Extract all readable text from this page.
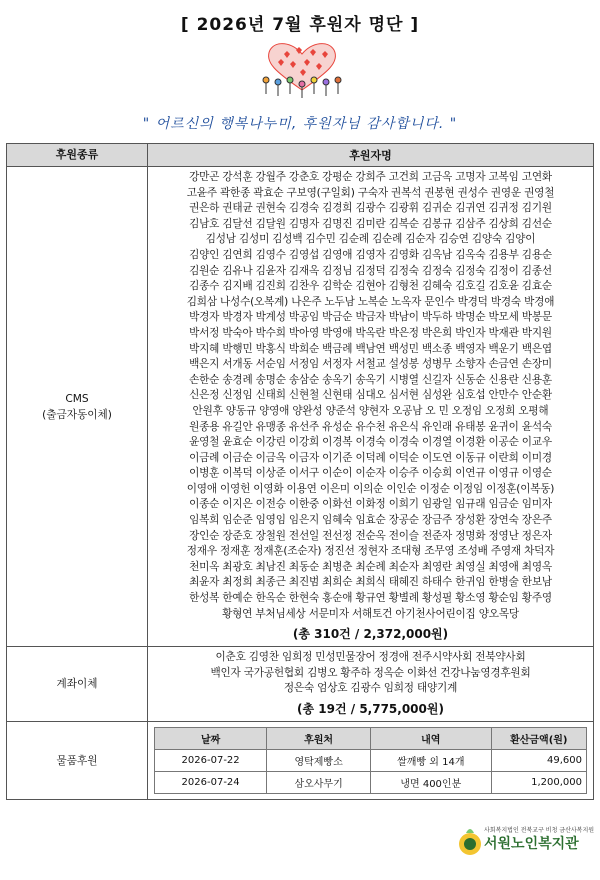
[ 2026년 7월 후원자 명단 ]
" 어르신의 행복나누미, 후원자님 감사합니다. "
후원종류	후원자명
CMS
(출금자동이체)	
강만곤 강석훈 강월주 강춘호 강평순 강희주 고건희 고금옥 고명자 고복임 고연화
고윤주 곽한종 곽효순 구보영(구일회) 구숙자 권복석 권봉현 권성수 권영운 권영철
권은하 권태균 권현숙 김경숙 김경희 김광수 김광휘 김귀순 김귀연 김귀정 김기원
김남호 김달선 김달원 김명자 김명진 김미란 김복순 김봉규 김삼주 김상희 김선순
김성남 김성미 김성백 김수민 김순례 김순례 김순자 김승연 김양숙 김양이
김양인 김연희 김영수 김영섭 김영애 김영자 김영화 김옥남 김옥숙 김용부 김용순
김원순 김유나 김윤자 김재옥 김정님 김정덕 김정숙 김정숙 김정숙 김정이 김종선
김종수 김지배 김진희 김찬우 김학순 김현아 김형천 김혜숙 김호길 김호윤 김효순
김희삼 나성수(오복계) 나은주 노두남 노복순 노옥자 문인수 박경덕 박경숙 박경애
박경자 박경자 박계성 박공임 박금순 박금자 박남이 박두하 박명순 박모세 박봉문
박서정 박숙아 박수희 박아영 박영애 박옥란 박은정 박은희 박인자 박재관 박지원
박지혜 박행민 박홍식 박희순 백금례 백남연 백성민 백소종 백영자 백운기 백은엽
백은지 서개동 서순임 서정임 서정자 서철교 설성봉 성병무 소향자 손금연 손장미
손한순 송경례 송명순 송삼순 송옥기 송옥기 시병열 신길자 신동순 신용란 신용훈
신은정 신정임 신태희 신현철 신현태 심대오 심서현 심성완 심호섭 안만수 안순환
안원후 양동규 양영애 양완성 양준석 양현자 오공남 오 민 오정임 오정희 오평해
원종용 유길안 유맹종 유선주 유성순 유수천 유은식 유인래 유태봉 윤귀이 윤석숙
윤영철 윤효순 이강린 이강희 이경복 이경숙 이경숙 이경열 이경환 이공순 이교우
이금례 이금순 이금옥 이금자 이기준 이덕례 이덕순 이도연 이동규 이란희 이미경
이병훈 이복덕 이상준 이서구 이순이 이순자 이승주 이승희 이연규 이영규 이영순
이영애 이영헌 이영화 이용연 이은미 이의순 이인순 이정순 이정임 이정훈(이복동)
이종순 이지은 이전승 이한중 이화선 이화정 이희기 임광일 임규래 임금순 임미자
임복희 임순준 임영임 임은지 임혜숙 임효순 장공순 장금주 장성환 장연숙 장은주
장인순 장준호 장철원 전선일 전선정 전순옥 전이슬 전준자 정명화 정영난 정은자
정재우 정재훈 정재훈(조순자) 정진선 정현자 조대형 조무영 조성배 주영재 차덕자
천미옥 최광호 최남진 최동순 최병춘 최순례 최순자 최영란 최영실 최영애 최영옥
최윤자 최정희 최종근 최진범 최희순 최희식 태혜진 하태수 한귀임 한병술 한보남
한성복 한예순 한옥순 한현숙 홍순애 황규연 황별례 황성필 황소영 황순임 황주영
황형연 부처님세상 서문미자 서해토건 아기천사어린이집 양오목당
(총 310건 / 2,372,000원)

계좌이체	
이춘호 김영찬 임희정 민성민물장어 정경애 전주시약사회 전북약사회
백인자 국가공헌협회 김병오 황주하 정옥순 이화선 건강나눔영경후원회
정은숙 엄상호 김광수 임희정 태양기계
(총 19건 / 5,775,000원)

물품후원	
날짜	후원처	내역	환산금액(원)
2026-07-22	영탁제빵소	쌀깨빵 외 14개	49,600
2026-07-24	삼오사무기	냉면 400인분	1,200,000
사회복지법인 전북교구 비청 금산사복지원
서원노인복지관
